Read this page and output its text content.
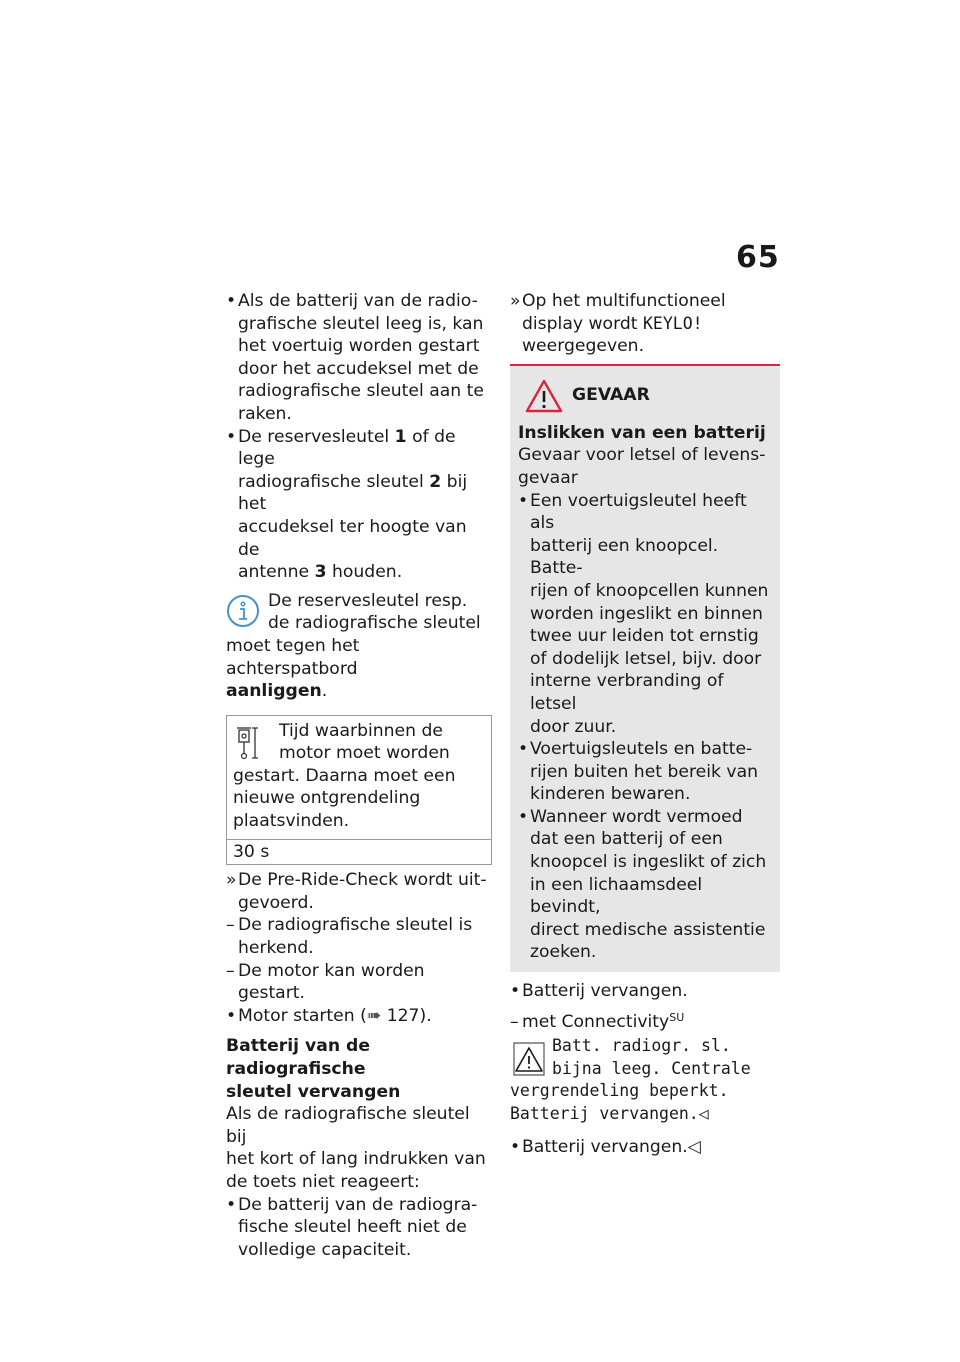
65
• Als de batterij van de radio-
grafische sleutel leeg is, kan
het voertuig worden gestart
door het accudeksel met de
radiografische sleutel aan te
raken.
• De reservesleutel 1 of de lege
radiografische sleutel 2 bij het
accudeksel ter hoogte van de
antenne 3 houden.
De reservesleutel resp.
de radiografische sleutel
moet tegen het achterspatbord
aanliggen.
Tijd waarbinnen de
motor moet worden
gestart. Daarna moet een
nieuwe ontgrendeling
plaatsvinden.
30 s
» De Pre-Ride-Check wordt uit-
gevoerd.
– De radiografische sleutel is
herkend.
– De motor kan worden gestart.
• Motor starten (➠ 127).
Batterij van de radiografische
sleutel vervangen
Als de radiografische sleutel bij
het kort of lang indrukken van
de toets niet reageert:
• De batterij van de radiogra-
fische sleutel heeft niet de
volledige capaciteit.
» Op het multifunctioneel
display wordt KEYLO!
weergegeven.
GEVAAR
Inslikken van een batterij
Gevaar voor letsel of levens-
gevaar
• Een voertuigsleutel heeft als
batterij een knoopcel. Batte-
rijen of knoopcellen kunnen
worden ingeslikt en binnen
twee uur leiden tot ernstig
of dodelijk letsel, bijv. door
interne verbranding of letsel
door zuur.
• Voertuigsleutels en batte-
rijen buiten het bereik van
kinderen bewaren.
• Wanneer wordt vermoed
dat een batterij of een
knoopcel is ingeslikt of zich
in een lichaamsdeel bevindt,
direct medische assistentie
zoeken.
• Batterij vervangen.
– met Connectivity$^{SU}$
Batt. radiogr. sl.
bijna leeg. Centrale
vergrendeling beperkt.
Batterij vervangen.◁
• Batterij vervangen.◁
